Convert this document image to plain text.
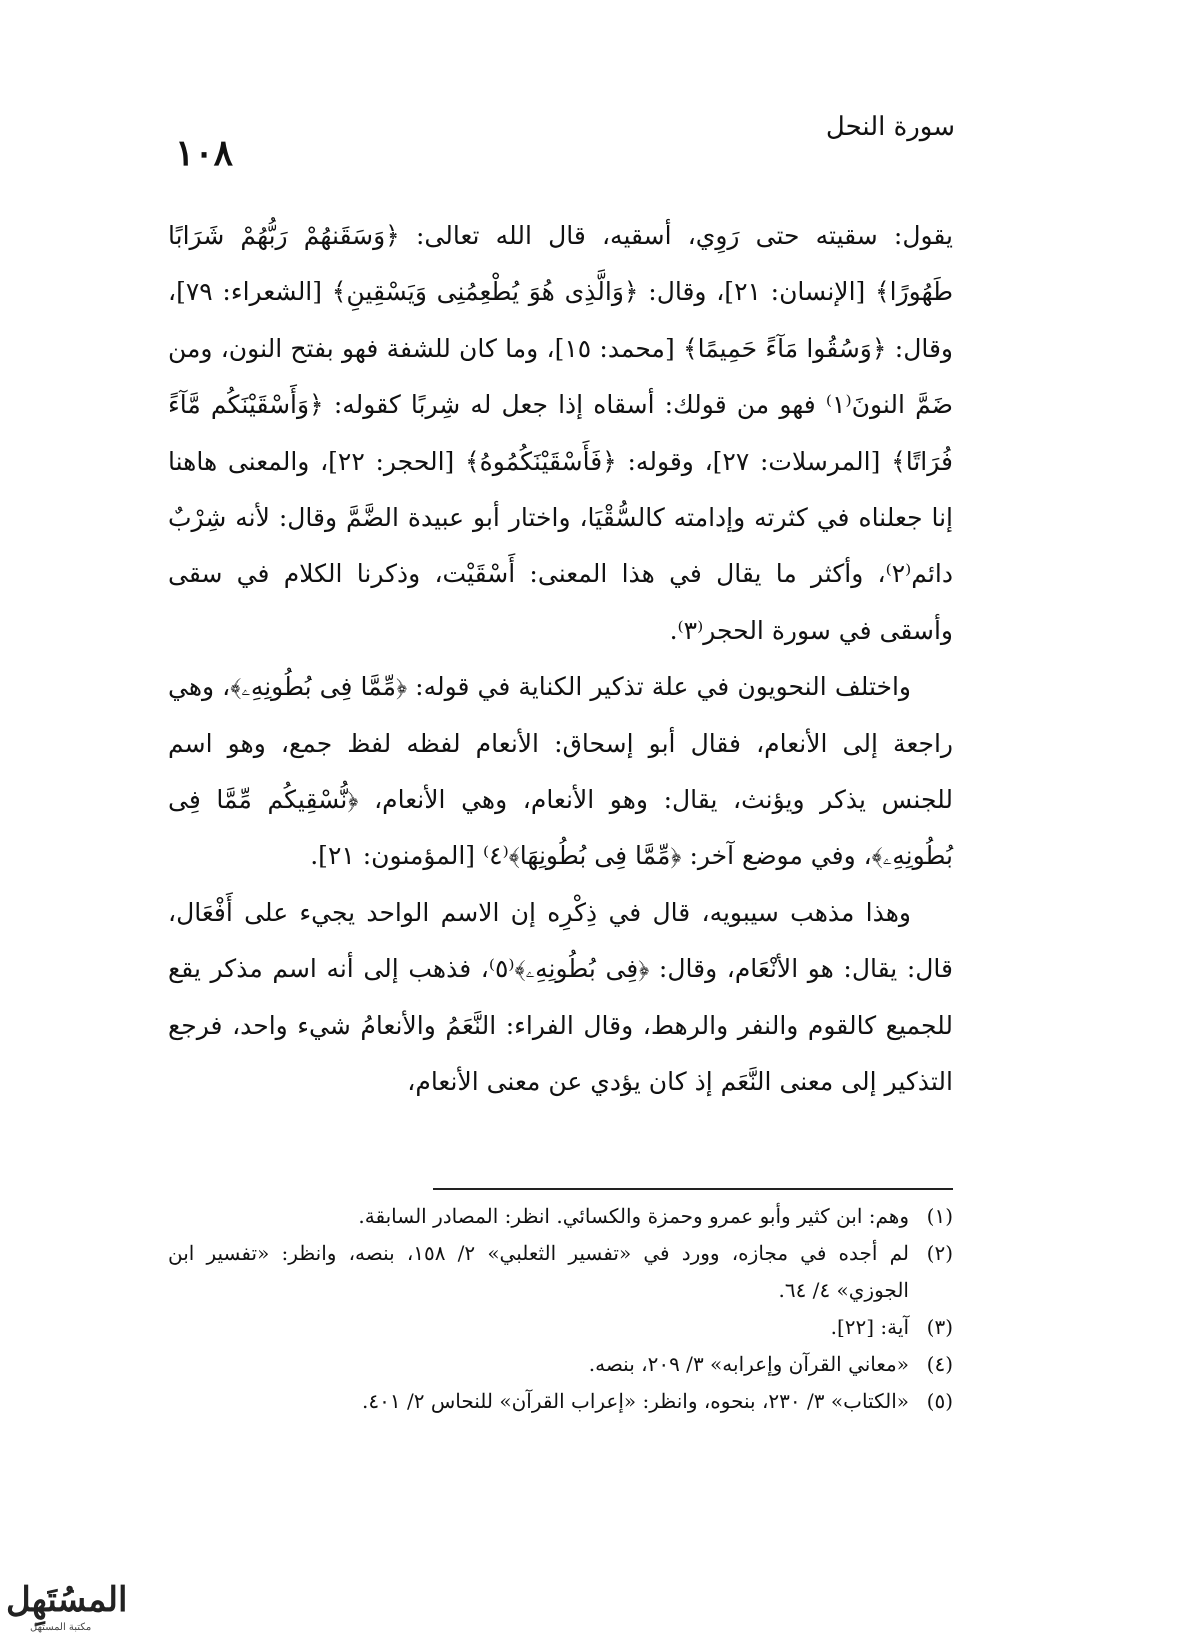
١٠٨
سورة النحل

يقول: سقيته حتى رَوِي، أسقيه، قال الله تعالى: ﴿وَسَقَنهُمْ رَبُّهُمْ شَرَابًا طَهُورًا﴾ [الإنسان: ٢١]، وقال: ﴿وَالَّذِى هُوَ يُطْعِمُنِى وَيَسْقِينِ﴾ [الشعراء: ٧٩]، وقال: ﴿وَسُقُوا مَآءً حَمِيمًا﴾ [محمد: ١٥]، وما كان للشفة فهو بفتح النون، ومن ضَمَّ النونَ⁽١⁾ فهو من قولك: أسقاه إذا جعل له شِربًا كقوله: ﴿وَأَسْقَيْنَكُم مَّآءً فُرَاتًا﴾ [المرسلات: ٢٧]، وقوله: ﴿فَأَسْقَيْنَكُمُوهُ﴾ [الحجر: ٢٢]، والمعنى هاهنا إنا جعلناه في كثرته وإدامته كالسُّقْيَا، واختار أبو عبيدة الضَّمَّ وقال: لأنه شِرْبٌ دائم⁽٢⁾، وأكثر ما يقال في هذا المعنى: أَسْقَيْت، وذكرنا الكلام في سقى وأسقى في سورة الحجر⁽٣⁾.

واختلف النحويون في علة تذكير الكناية في قوله: ﴿مِّمَّا فِى بُطُونِهِۦ﴾، وهي راجعة إلى الأنعام، فقال أبو إسحاق: الأنعام لفظه لفظ جمع، وهو اسم للجنس يذكر ويؤنث، يقال: وهو الأنعام، وهي الأنعام، ﴿نُّسْقِيكُم مِّمَّا فِى بُطُونِهِۦ﴾، وفي موضع آخر: ﴿مِّمَّا فِى بُطُونِهَا﴾⁽٤⁾ [المؤمنون: ٢١].

وهذا مذهب سيبويه، قال في ذِكْرِه إن الاسم الواحد يجيء على أَفْعَال، قال: يقال: هو الأنْعَام، وقال: ﴿فِى بُطُونِهِۦ﴾⁽٥⁾، فذهب إلى أنه اسم مذكر يقع للجميع كالقوم والنفر والرهط، وقال الفراء: النَّعَمُ والأنعامُ شيء واحد، فرجع التذكير إلى معنى النَّعَم إذ كان يؤدي عن معنى الأنعام،

(١)
وهم: ابن كثير وأبو عمرو وحمزة والكسائي. انظر: المصادر السابقة.
(٢)
لم أجده في مجازه، وورد في «تفسير الثعلبي» ٢/ ١٥٨، بنصه، وانظر: «تفسير ابن الجوزي» ٤/ ٦٤.
(٣)
آية: [٢٢].
(٤)
«معاني القرآن وإعرابه» ٣/ ٢٠٩، بنصه.
(٥)
«الكتاب» ٣/ ٢٣٠، بنحوه، وانظر: «إعراب القرآن» للنحاس ٢/ ٤٠١.
المسُتَهِل
مكتبة المستهل
